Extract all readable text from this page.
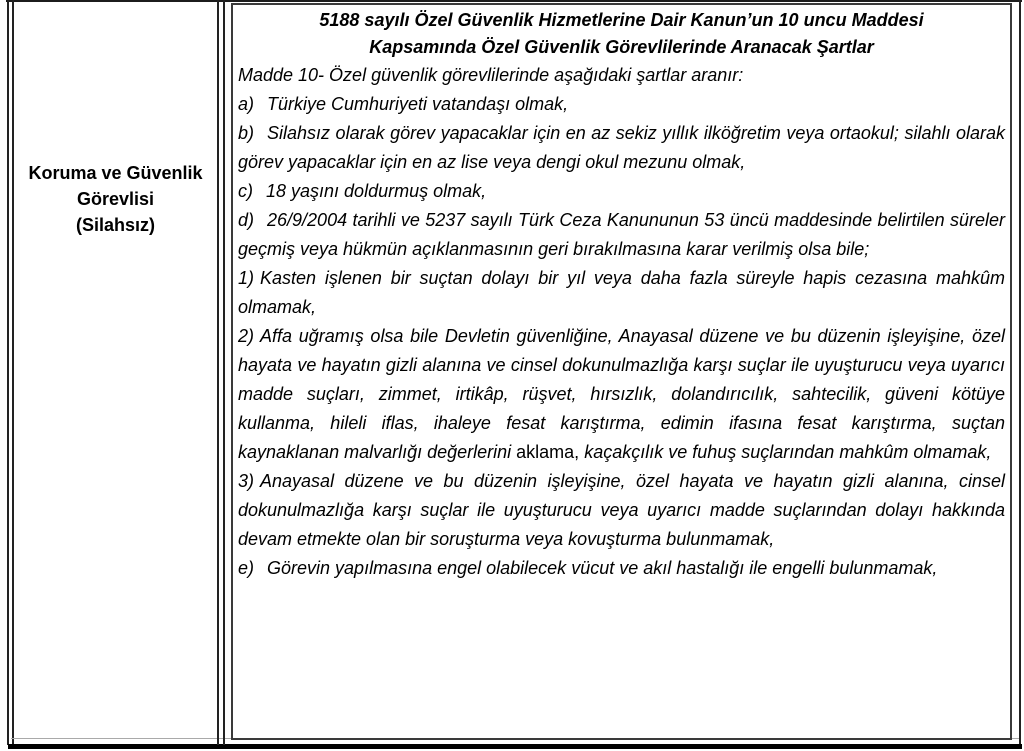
Koruma ve Güvenlik
Görevlisi
(Silahsız)
5188 sayılı Özel Güvenlik Hizmetlerine Dair Kanun’un 10 uncu Maddesi
Kapsamında Özel Güvenlik Görevlilerinde Aranacak Şartlar

Madde 10- Özel güvenlik görevlilerinde aşağıdaki şartlar aranır:

a) Türkiye Cumhuriyeti vatandaşı olmak,

b) Silahsız olarak görev yapacaklar için en az sekiz yıllık ilköğretim veya ortaokul; silahlı olarak görev yapacaklar için en az lise veya dengi okul mezunu olmak,

c) 18 yaşını doldurmuş olmak,

d) 26/9/2004 tarihli ve 5237 sayılı Türk Ceza Kanununun 53 üncü maddesinde belirtilen süreler geçmiş veya hükmün açıklanmasının geri bırakılmasına karar verilmiş olsa bile;

1) Kasten işlenen bir suçtan dolayı bir yıl veya daha fazla süreyle hapis cezasına mahkûm olmamak,

2) Affa uğramış olsa bile Devletin güvenliğine, Anayasal düzene ve bu düzenin işleyişine, özel hayata ve hayatın gizli alanına ve cinsel dokunulmazlığa karşı suçlar ile uyuşturucu veya uyarıcı madde suçları, zimmet, irtikâp, rüşvet, hırsızlık, dolandırıcılık, sahtecilik, güveni kötüye kullanma, hileli iflas, ihaleye fesat karıştırma, edimin ifasına fesat karıştırma, suçtan kaynaklanan malvarlığı değerlerini aklama, kaçakçılık ve fuhuş suçlarından mahkûm olmamak,

3) Anayasal düzene ve bu düzenin işleyişine, özel hayata ve hayatın gizli alanına, cinsel dokunulmazlığa karşı suçlar ile uyuşturucu veya uyarıcı madde suçlarından dolayı hakkında devam etmekte olan bir soruşturma veya kovuşturma bulunmamak,

e) Görevin yapılmasına engel olabilecek vücut ve akıl hastalığı ile engelli bulunmamak,
